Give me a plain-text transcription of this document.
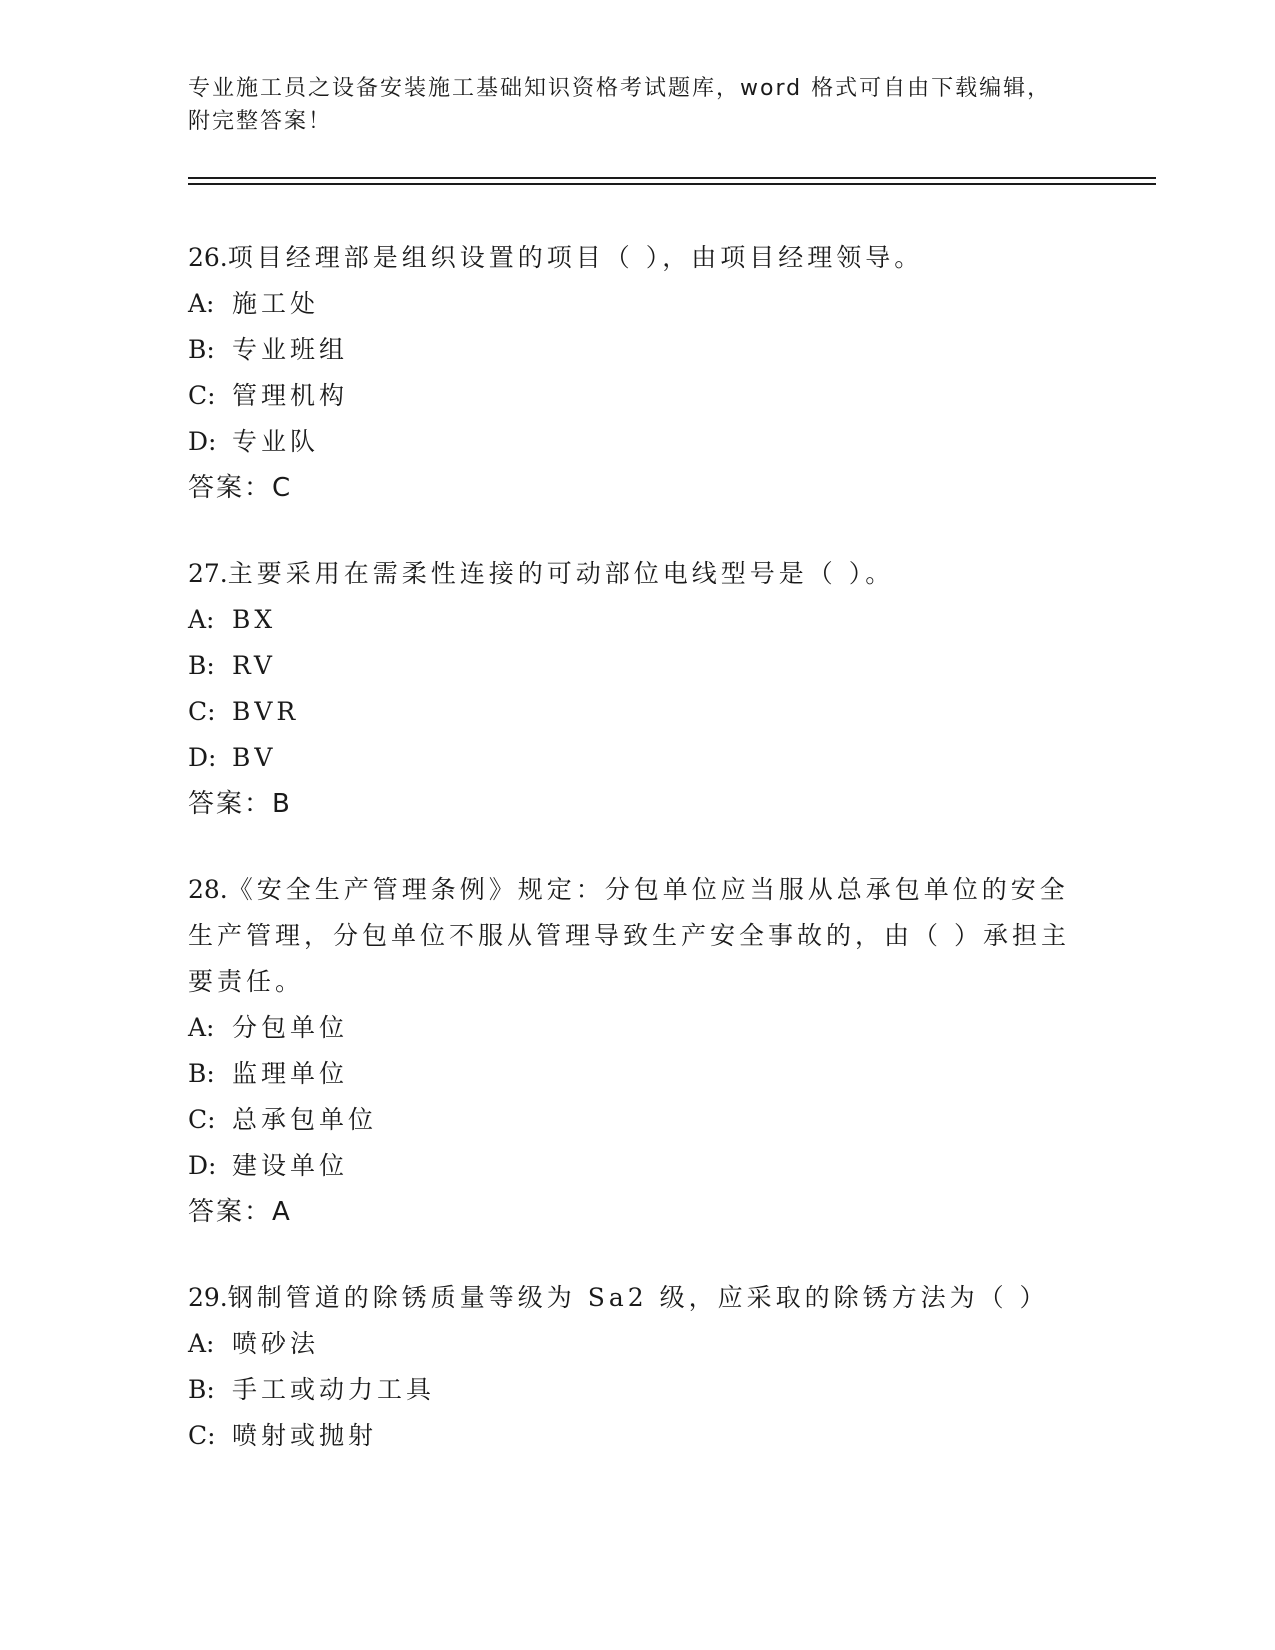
专业施工员之设备安装施工基础知识资格考试题库，word 格式可自由下载编辑，
附完整答案！

26.项目经理部是组织设置的项目（ ），由项目经理领导。

A: 施工处
B: 专业班组
C: 管理机构
D: 专业队
答案：C

27.主要采用在需柔性连接的可动部位电线型号是（ ）。

A: BX
B: RV
C: BVR
D: BV
答案：B

28.《安全生产管理条例》规定：分包单位应当服从总承包单位的安全生产管理，分包单位不服从管理导致生产安全事故的，由（ ）承担主要责任。

A: 分包单位
B: 监理单位
C: 总承包单位
D: 建设单位
答案：A

29.钢制管道的除锈质量等级为 Sa2 级，应采取的除锈方法为（ ）

A: 喷砂法
B: 手工或动力工具
C: 喷射或抛射
